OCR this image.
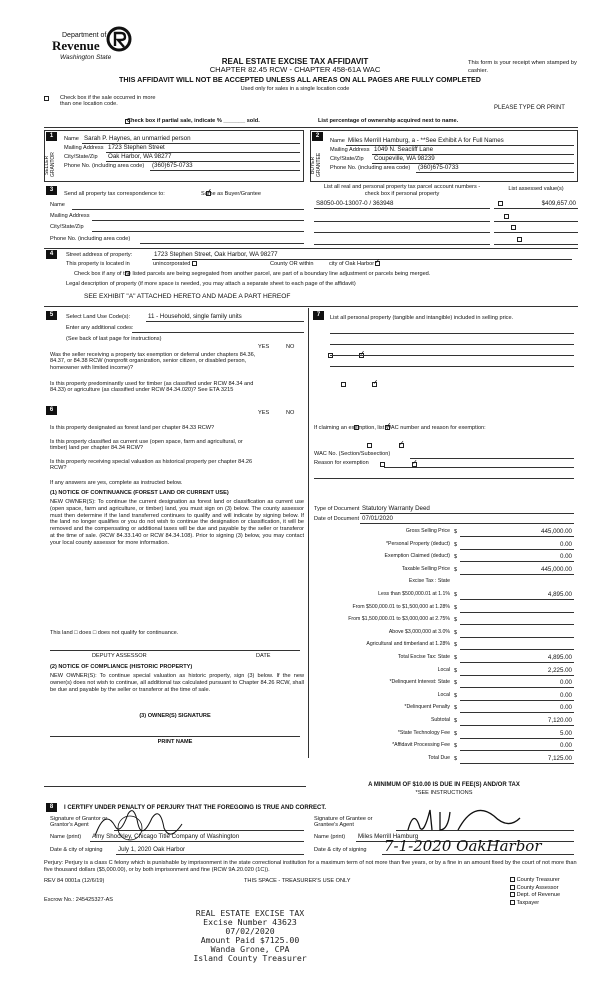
Department of
Revenue
Washington State	REAL ESTATE EXCISE TAX AFFIDAVIT
CHAPTER 82.45 RCW - CHAPTER 458-61A WAC
THIS AFFIDAVIT WILL NOT BE ACCEPTED UNLESS ALL AREAS ON ALL PAGES ARE FULLY COMPLETED
Used only for sales in a single location code
This form is your receipt when stamped by cashier.

Check box if the sale occurred in more than one location code.
PLEASE TYPE OR PRINT

Check box if partial sale, indicate % _______ sold.	List percentage of ownership acquired next to name.
1
SELLER GRANTOR
Name Sarah P. Haynes, an unmarried person
Mailing Address 1723 Stephen Street
City/State/Zip Oak Harbor, WA 98277
Phone No. (including area code) (360)675-0733
2
BUYER GRANTEE
Name Miles Merrill Hamburg, a - **See Exhibit A for Full Names
Mailing Address 1049 N. Seacliff Lane
City/State/Zip Coupeville, WA 98239
Phone No. (including area code) (360)675-0733
3
Send all property tax correspondence to: ✓	Same as Buyer/Grantee
Name
Mailing Address
City/State/Zip
Phone No. (including area code)
List all real and personal property tax parcel account numbers - check box if personal property
List assessed value(s)
S8050-00-13007-0 / 363948	$409,657.00

4	Street address of property:	1723 Stephen Street, Oak Harbor, WA 98277
This property is located in
	unincorporated	County OR within ✓	city of Oak Harbor

Check box if any of the listed parcels are being segregated from another parcel, are part of a boundary line adjustment or parcels being merged.
Legal description of property (if more space is needed, you may attach a separate sheet to each page of the affidavit)
SEE EXHIBIT "A" ATTACHED HERETO AND MADE A PART HEREOF
5	Select Land Use Code(s):	11 - Household, single family units
Enter any additional codes:
(See back of last page for instructions)
YES	NO
Was the seller receiving a property tax exemption or deferral under chapters 84.36, 84.37, or 84.38 RCW (nonprofit organization, senior citizen, or disabled person, homeowner with limited income)?
✓
Is this property predominantly used for timber (as classified under RCW 84.34 and 84.33) or agriculture (as classified under RCW 84.34.020)? See ETA 3215
✓
6	YES	NO
Is this property designated as forest land per chapter 84.33 RCW?
✓
Is this property classified as current use (open space, farm and agricultural, or timber) land per chapter 84.34 RCW?
✓
Is this property receiving special valuation as historical property per chapter 84.26 RCW?
✓
If any answers are yes, complete as instructed below.
(1) NOTICE OF CONTINUANCE (FOREST LAND OR CURRENT USE)
NEW OWNER(S): To continue the current designation as forest land or classification as current use (open space, farm and agriculture, or timber) land, you must sign on (3) below. The county assessor must then determine if the land transferred continues to qualify and will indicate by signing below. If the land no longer qualifies or you do not wish to continue the designation or classification, it will be removed and the compensating or additional taxes will be due and payable by the seller or transferor at the time of sale. (RCW 84.33.140 or RCW 84.34.108). Prior to signing (3) below, you may contact your local county assessor for more information.
This land □ does □ does not qualify for continuance.
DEPUTY ASSESSOR	DATE
(2) NOTICE OF COMPLIANCE (HISTORIC PROPERTY)
NEW OWNER(S): To continue special valuation as historic property, sign (3) below. If the new owner(s) does not wish to continue, all additional tax calculated pursuant to Chapter 84.26 RCW, shall be due and payable by the seller or transferor at the time of sale.
(3) OWNER(S) SIGNATURE
PRINT NAME
7	List all personal property (tangible and intangible) included in selling price.
If claiming an exemption, list WAC number and reason for exemption:
WAC No. (Section/Subsection)
Reason for exemption
Type of Document Statutory Warranty Deed
Date of Document 07/01/2020
Gross Selling Price $	445,000.00
*Personal Property (deduct) $	0.00
Exemption Claimed (deduct) $	0.00
Taxable Selling Price $	445,000.00
Excise Tax : State
Less than $500,000.01 at 1.1% $	4,895.00
From $500,000.01 to $1,500,000 at 1.28% $
From $1,500,000.01 to $3,000,000 at 2.75% $
Above $3,000,000 at 3.0% $
Agricultural and timberland at 1.28% $
Total Excise Tax: State $	4,895.00
Local $	2,225.00
*Delinquent Interest: State $	0.00
Local $	0.00
*Delinquent Penalty $	0.00
Subtotal $	7,120.00
*State Technology Fee $	5.00
*Affidavit Processing Fee $	0.00
Total Due $	7,125.00
A MINIMUM OF $10.00 IS DUE IN FEE(S) AND/OR TAX
*SEE INSTRUCTIONS
8	I CERTIFY UNDER PENALTY OF PERJURY THAT THE FOREGOING IS TRUE AND CORRECT.
Signature of Grantor or Grantor's Agent
Name (print) Amy Shockley, Chicago Title Company of Washington
Date & city of signing July 1, 2020 Oak Harbor
Signature of Grantee or Grantee's Agent
Name (print) Miles Merrill Hamburg
Date & city of signing 7-1-2020 OakHarbor
Perjury: Perjury is a class C felony which is punishable by imprisonment in the state correctional institution for a maximum term of not more than five years, or by a fine in an amount fixed by the court of not more than five thousand dollars ($5,000.00), or by both imprisonment and fine (RCW 9A.20.020 (1C)).
REV 84 0001a (12/6/19)	THIS SPACE - TREASURER'S USE ONLY
Escrow No.: 245425327-AS
County Treasurer
County Assessor
Dept. of Revenue
Taxpayer
REAL ESTATE EXCISE TAX
Excise Number 43623
07/02/2020
Amount Paid $7125.00
Wanda Grone, CPA
Island County Treasurer
